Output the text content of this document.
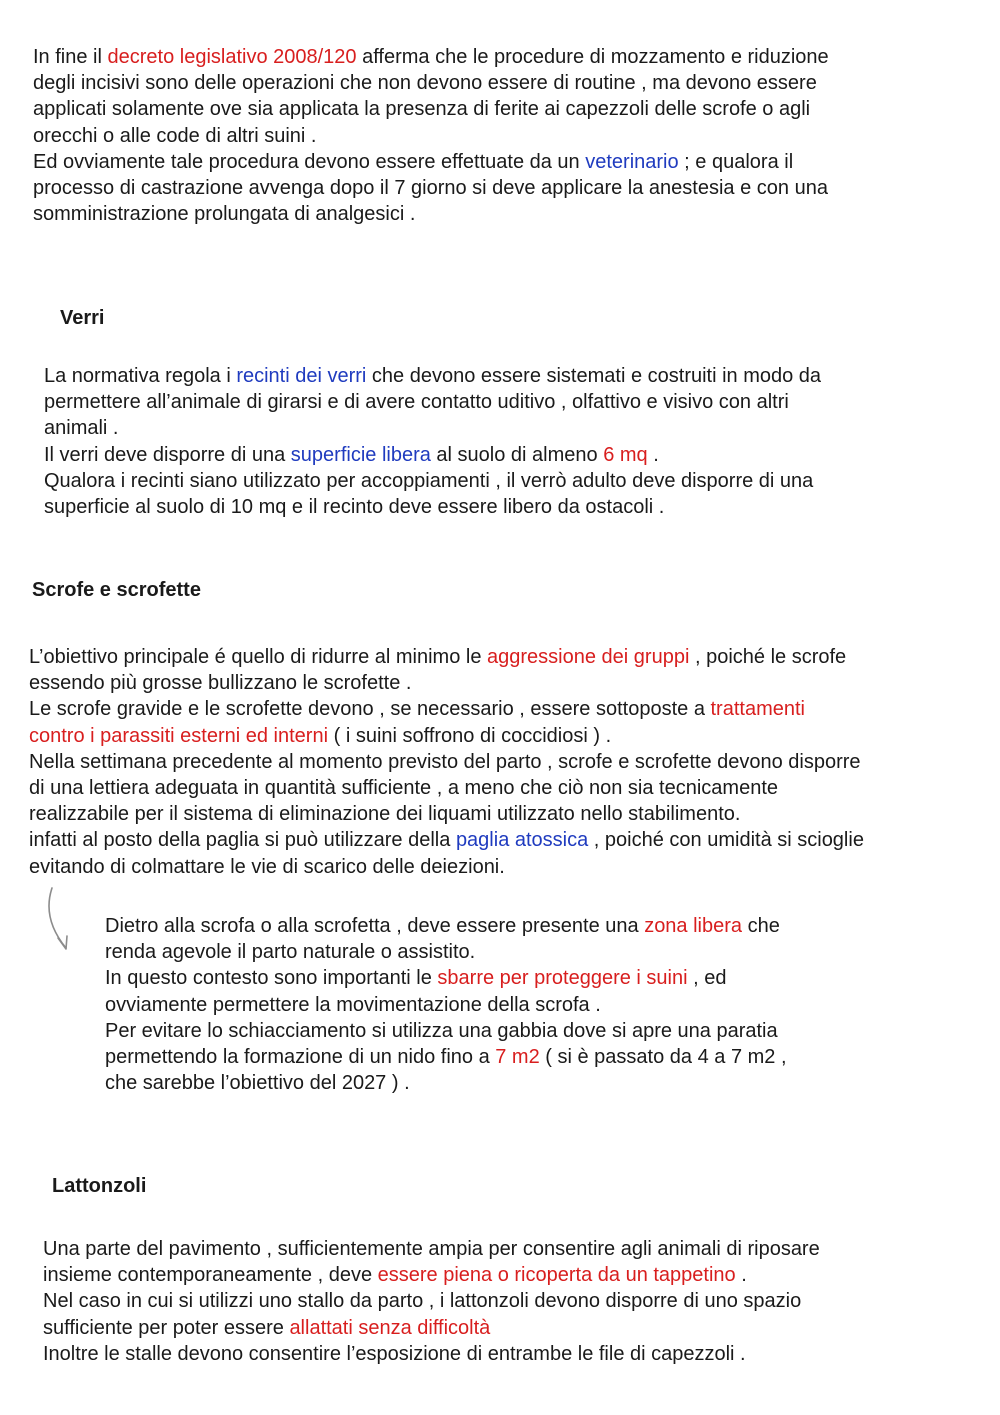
In fine il decreto legislativo 2008/120 afferma che le procedure di mozzamento e riduzione
degli incisivi sono delle operazioni che non devono essere di routine , ma devono essere
applicati solamente ove sia applicata la presenza di ferite ai capezzoli delle scrofe o agli
orecchi o alle code di altri suini .
Ed ovviamente tale procedura devono essere effettuate da un veterinario ; e qualora il
processo di castrazione avvenga dopo il 7 giorno si deve applicare la anestesia e con una
somministrazione prolungata di analgesici .
Verri
La normativa regola i recinti dei verri che devono essere sistemati e costruiti in modo da
permettere all’animale di girarsi e di avere contatto uditivo , olfattivo e visivo con altri
animali .
Il verri deve disporre di una superficie libera al suolo di almeno 6 mq .
Qualora i recinti siano utilizzato per accoppiamenti , il verrò adulto deve disporre di una
superficie al suolo di 10 mq e il recinto deve essere libero da ostacoli .
Scrofe e scrofette
L’obiettivo principale é quello di ridurre al minimo le aggressione dei gruppi , poiché le scrofe
essendo più grosse bullizzano le scrofette .
Le scrofe gravide e le scrofette devono , se necessario , essere sottoposte a trattamenti
contro i parassiti esterni ed interni ( i suini soffrono di coccidiosi ) .
Nella settimana precedente al momento previsto del parto , scrofe e scrofette devono disporre
di una lettiera adeguata in quantità sufficiente , a meno che ciò non sia tecnicamente
realizzabile per il sistema di eliminazione dei liquami utilizzato nello stabilimento.
infatti al posto della paglia si può utilizzare della paglia atossica , poiché con umidità si scioglie
evitando di colmattare le vie di scarico delle deiezioni.
Dietro alla scrofa o alla scrofetta , deve essere presente una zona libera che
renda agevole il parto naturale o assistito.
In questo contesto sono importanti le sbarre per proteggere i suini , ed
ovviamente permettere la movimentazione della scrofa .
Per evitare lo schiacciamento si utilizza una gabbia dove si apre una paratia
permettendo la formazione di un nido fino a 7 m2 ( si è passato da 4 a 7 m2 ,
che sarebbe l’obiettivo del 2027 ) .
Lattonzoli
Una parte del pavimento , sufficientemente ampia per consentire agli animali di riposare
insieme contemporaneamente , deve essere piena o ricoperta da un tappetino .
Nel caso in cui si utilizzi uno stallo da parto , i lattonzoli devono disporre di uno spazio
sufficiente per poter essere allattati senza difficoltà
Inoltre le stalle devono consentire l’esposizione di entrambe le file di capezzoli .
